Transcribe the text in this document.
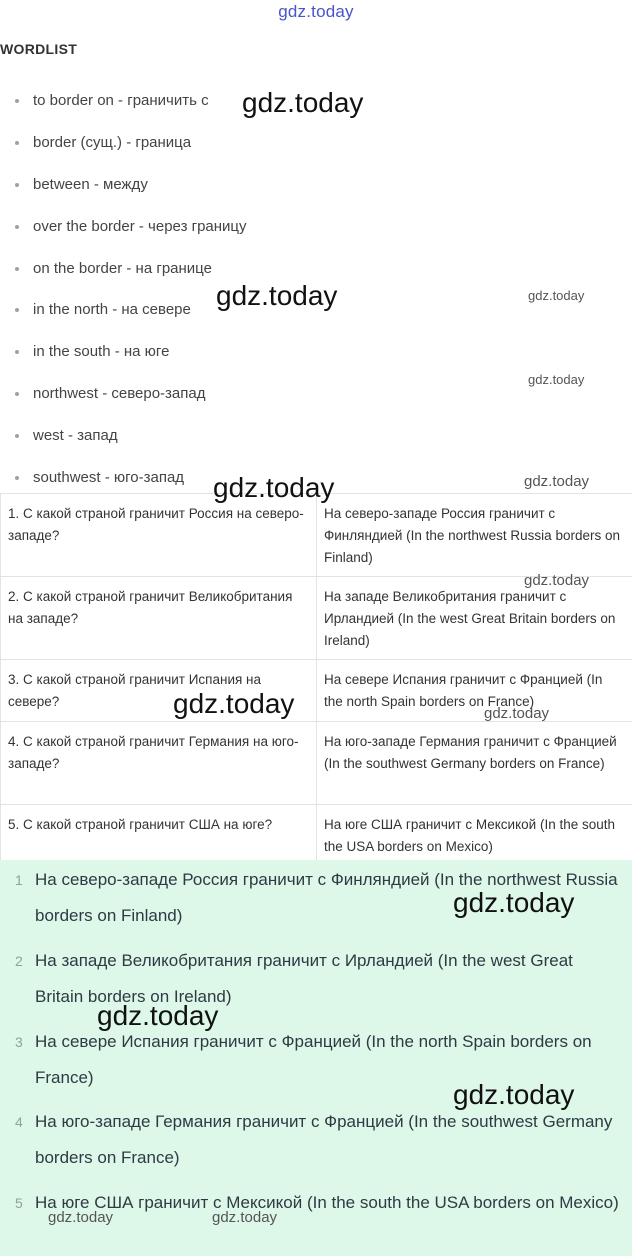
gdz.today
WORDLIST
to border on - граничить с
border (сущ.) - граница
between - между
over the border - через границу
on the border - на границе
in the north - на севере
in the south - на юге
northwest - северо-запад
west - запад
southwest - юго-запад
1. С какой страной граничит Россия на северо-западе?	На северо-западе Россия граничит с Финляндией (In the northwest Russia borders on Finland)
2. С какой страной граничит Великобритания на западе?	На западе Великобритания граничит с Ирландией (In the west Great Britain borders on Ireland)
3. С какой страной граничит Испания на севере?	На севере Испания граничит с Францией (In the north Spain borders on France)
4. С какой страной граничит Германия на юго-западе?	На юго-западе Германия граничит с Францией (In the southwest Germany borders on France)
5. С какой страной граничит США на юге?	На юге США граничит с Мексикой (In the south the USA borders on Mexico)
1 На северо-западе Россия граничит с Финляндией (In the northwest Russia borders on Finland)
2 На западе Великобритания граничит с Ирландией (In the west Great Britain borders on Ireland)
3 На севере Испания граничит с Францией (In the north Spain borders on France)
4 На юго-западе Германия граничит с Францией (In the southwest Germany borders on France)
5 На юге США граничит с Мексикой (In the south the USA borders on Mexico)
gdz.today
gdz.today	gdz.today
gdz.today
gdz.today	gdz.today
gdz.today
gdz.today	gdz.today
gdz.today
gdz.today
gdz.today
gdz.today	gdz.today
